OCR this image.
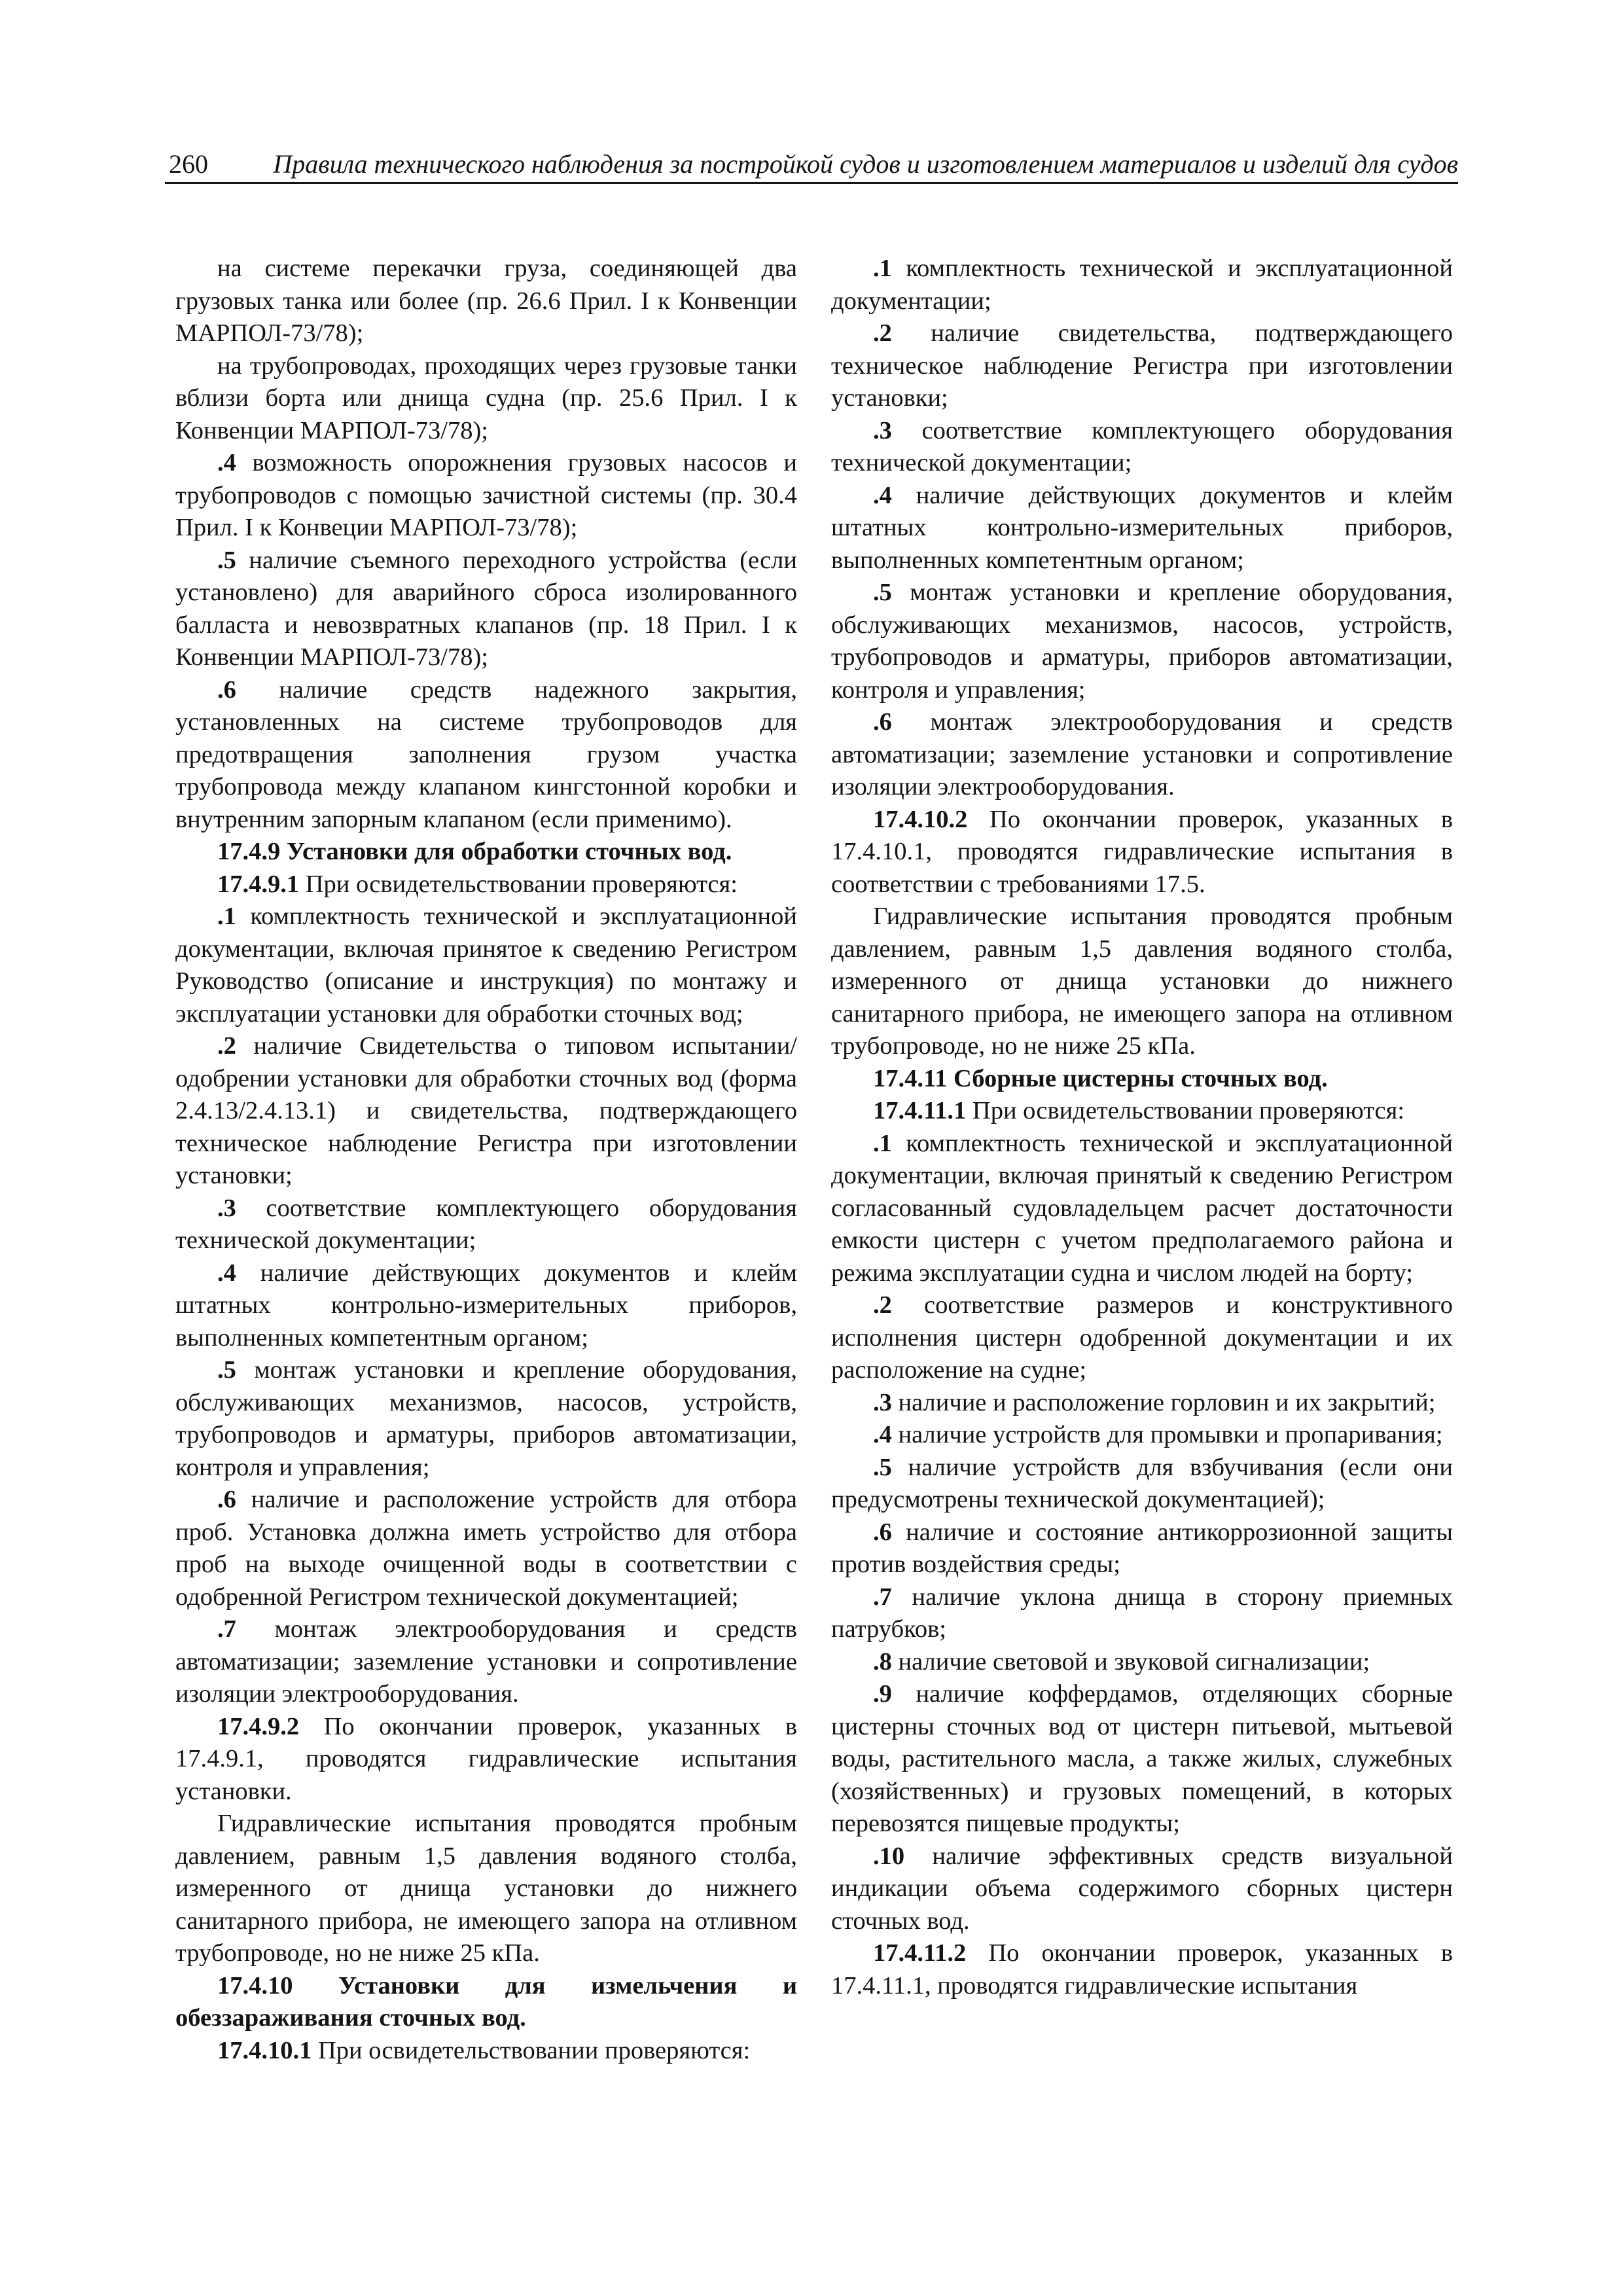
260 Правила технического наблюдения за постройкой судов и изготовлением материалов и изделий для судов

на системе перекачки груза, соединяющей два грузовых танка или более (пр. 26.6 Прил. I к Конвенции МАРПОЛ-73/78);

на трубопроводах, проходящих через грузовые танки вблизи борта или днища судна (пр. 25.6 Прил. I к Конвенции МАРПОЛ-73/78);

.4 возможность опорожнения грузовых насосов и трубопроводов с помощью зачистной системы (пр. 30.4 Прил. I к Конвеции МАРПОЛ-73/78);

.5 наличие съемного переходного устройства (если установлено) для аварийного сброса изолированного балласта и невозвратных клапанов (пр. 18 Прил. I к Конвенции МАРПОЛ-73/78);

.6 наличие средств надежного закрытия, установленных на системе трубопроводов для предотвращения заполнения грузом участка трубопровода между клапаном кингстонной коробки и внутренним запорным клапаном (если применимо).

17.4.9 Установки для обработки сточных вод.

17.4.9.1 При освидетельствовании проверяются:

.1 комплектность технической и эксплуатационной документации, включая принятое к сведению Регистром Руководство (описание и инструкция) по монтажу и эксплуатации установки для обработки сточных вод;

.2 наличие Свидетельства о типовом испытании/ одобрении установки для обработки сточных вод (форма 2.4.13/2.4.13.1) и свидетельства, подтверждающего техническое наблюдение Регистра при изготовлении установки;

.3 соответствие комплектующего оборудования технической документации;

.4 наличие действующих документов и клейм штатных контрольно-измерительных приборов, выполненных компетентным органом;

.5 монтаж установки и крепление оборудования, обслуживающих механизмов, насосов, устройств, трубопроводов и арматуры, приборов автоматизации, контроля и управления;

.6 наличие и расположение устройств для отбора проб. Установка должна иметь устройство для отбора проб на выходе очищенной воды в соответствии с одобренной Регистром технической документацией;

.7 монтаж электрооборудования и средств автоматизации; заземление установки и сопротивление изоляции электрооборудования.

17.4.9.2 По окончании проверок, указанных в 17.4.9.1, проводятся гидравлические испытания установки.

Гидравлические испытания проводятся пробным давлением, равным 1,5 давления водяного столба, измеренного от днища установки до нижнего санитарного прибора, не имеющего запора на отливном трубопроводе, но не ниже 25 кПа.

17.4.10 Установки для измельчения и обеззараживания сточных вод.

17.4.10.1 При освидетельствовании проверяются:

.1 комплектность технической и эксплуатационной документации;

.2 наличие свидетельства, подтверждающего техническое наблюдение Регистра при изготовлении установки;

.3 соответствие комплектующего оборудования технической документации;

.4 наличие действующих документов и клейм штатных контрольно-измерительных приборов, выполненных компетентным органом;

.5 монтаж установки и крепление оборудования, обслуживающих механизмов, насосов, устройств, трубопроводов и арматуры, приборов автоматизации, контроля и управления;

.6 монтаж электрооборудования и средств автоматизации; заземление установки и сопротивление изоляции электрооборудования.

17.4.10.2 По окончании проверок, указанных в 17.4.10.1, проводятся гидравлические испытания в соответствии с требованиями 17.5.

Гидравлические испытания проводятся пробным давлением, равным 1,5 давления водяного столба, измеренного от днища установки до нижнего санитарного прибора, не имеющего запора на отливном трубопроводе, но не ниже 25 кПа.

17.4.11 Сборные цистерны сточных вод.

17.4.11.1 При освидетельствовании проверяются:

.1 комплектность технической и эксплуатационной документации, включая принятый к сведению Регистром согласованный судовладельцем расчет достаточности емкости цистерн с учетом предполагаемого района и режима эксплуатации судна и числом людей на борту;

.2 соответствие размеров и конструктивного исполнения цистерн одобренной документации и их расположение на судне;

.3 наличие и расположение горловин и их закрытий;

.4 наличие устройств для промывки и пропаривания;

.5 наличие устройств для взбучивания (если они предусмотрены технической документацией);

.6 наличие и состояние антикоррозионной защиты против воздействия среды;

.7 наличие уклона днища в сторону приемных патрубков;

.8 наличие световой и звуковой сигнализации;

.9 наличие коффердамов, отделяющих сборные цистерны сточных вод от цистерн питьевой, мытьевой воды, растительного масла, а также жилых, служебных (хозяйственных) и грузовых помещений, в которых перевозятся пищевые продукты;

.10 наличие эффективных средств визуальной индикации объема содержимого сборных цистерн сточных вод.

17.4.11.2 По окончании проверок, указанных в 17.4.11.1, проводятся гидравлические испытания
